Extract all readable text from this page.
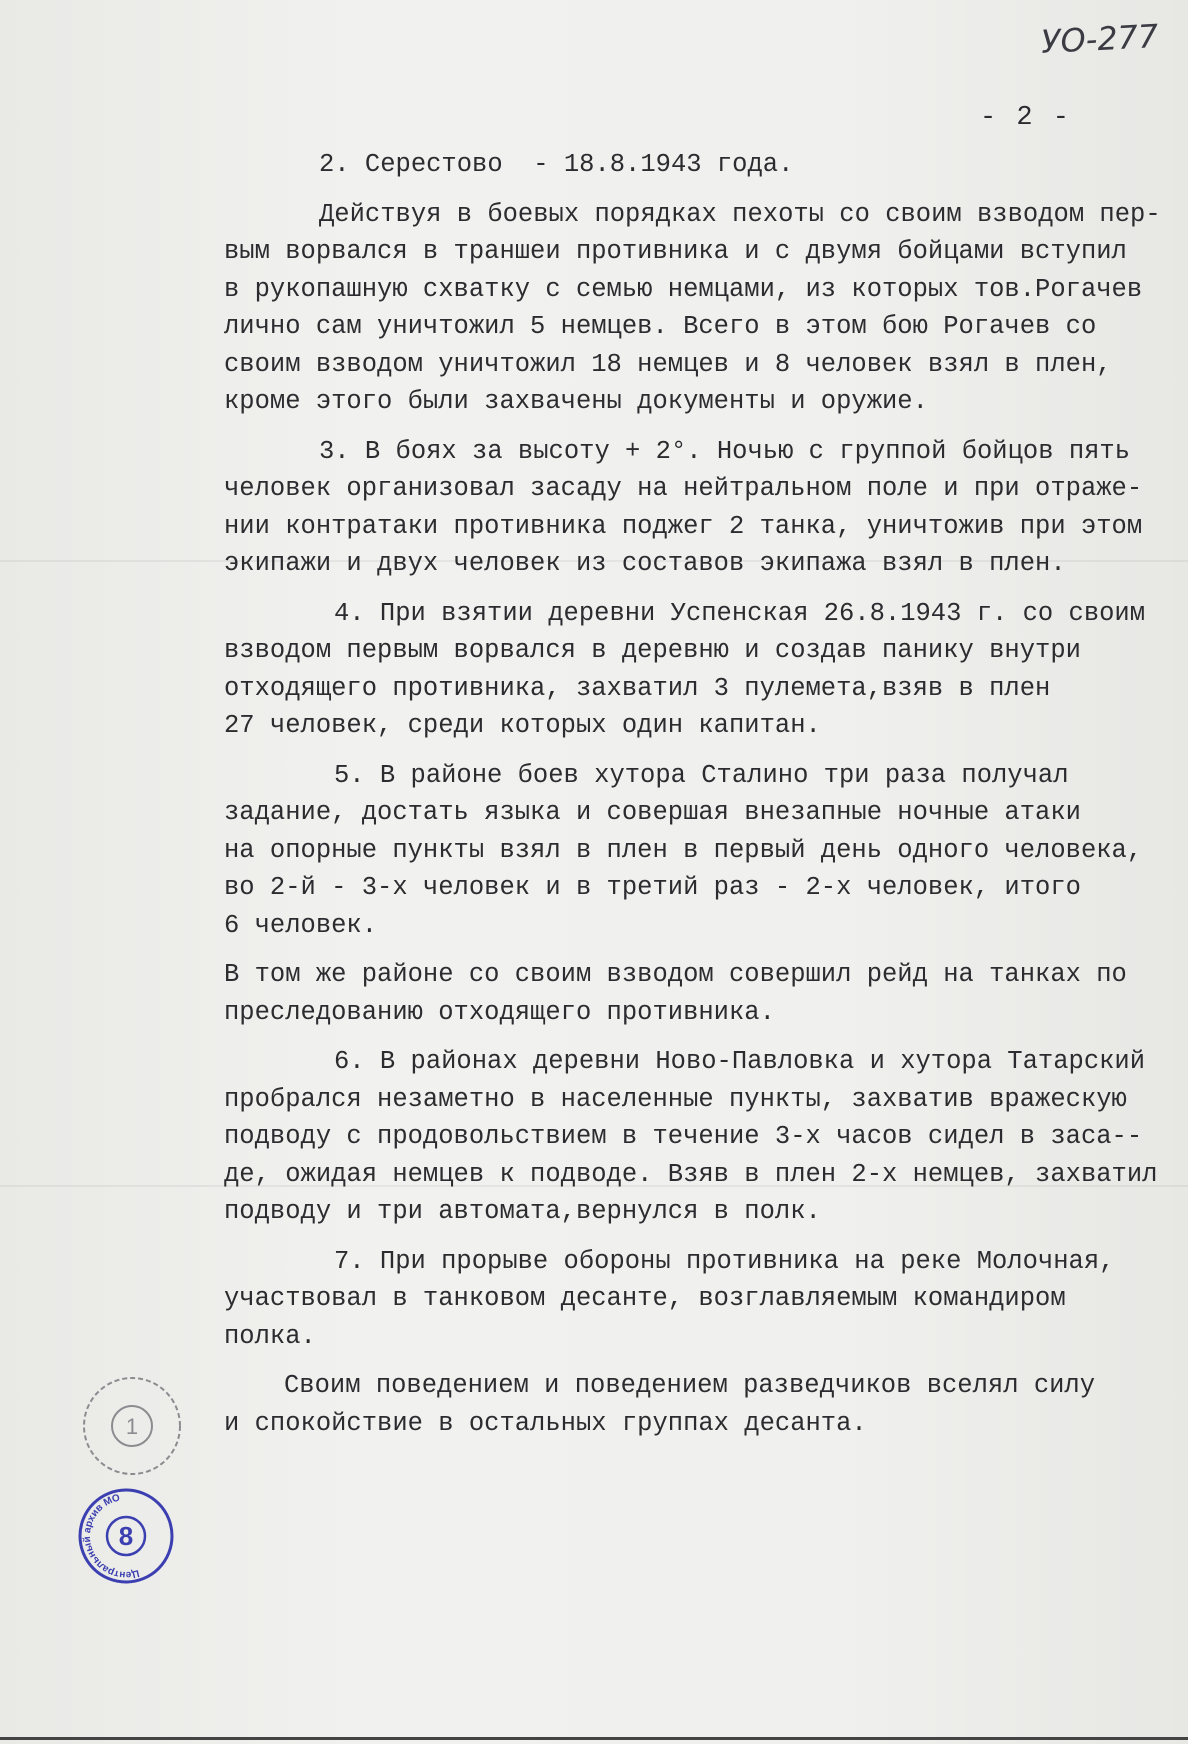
УО-277
- 2 -
2. Серестово  - 18.8.1943 года.
Действуя в боевых порядках пехоты со своим взводом пер-
вым ворвался в траншеи противника и с двумя бойцами вступил
в рукопашную схватку с семью немцами, из которых тов.Рогачев
лично сам уничтожил 5 немцев. Всего в этом бою Рогачев со
своим взводом уничтожил 18 немцев и 8 человек взял в плен,
кроме этого были захвачены документы и оружие.
3. В боях за высоту + 2°. Ночью с группой бойцов пять
человек организовал засаду на нейтральном поле и при отраже-
нии контратаки противника поджег 2 танка, уничтожив при этом
экипажи и двух человек из составов экипажа взял в плен.
4. При взятии деревни Успенская 26.8.1943 г. со своим
взводом первым ворвался в деревню и создав панику внутри
отходящего противника, захватил 3 пулемета,взяв в плен
27 человек, среди которых один капитан.
5. В районе боев хутора Сталино три раза получал
задание, достать языка и совершая внезапные ночные атаки
на опорные пункты взял в плен в первый день одного человека,
во 2-й - 3-х человек и в третий раз - 2-х человек, итого
6 человек.
В том же районе со своим взводом совершил рейд на танках по
преследованию отходящего противника.
6. В районах деревни Ново-Павловка и хутора Татарский
пробрался незаметно в населенные пункты, захватив вражескую
подводу с продовольствием в течение 3-х часов сидел в заса--
де, ожидая немцев к подводе. Взяв в плен 2-х немцев, захватил
подводу и три автомата,вернулся в полк.
7. При прорыве обороны противника на реке Молочная,
участвовал в танковом десанте, возглавляемым командиром
полка.
Своим поведением и поведением разведчиков вселял силу
и спокойствие в остальных группах десанта.
1
Центральный архив МО
8
